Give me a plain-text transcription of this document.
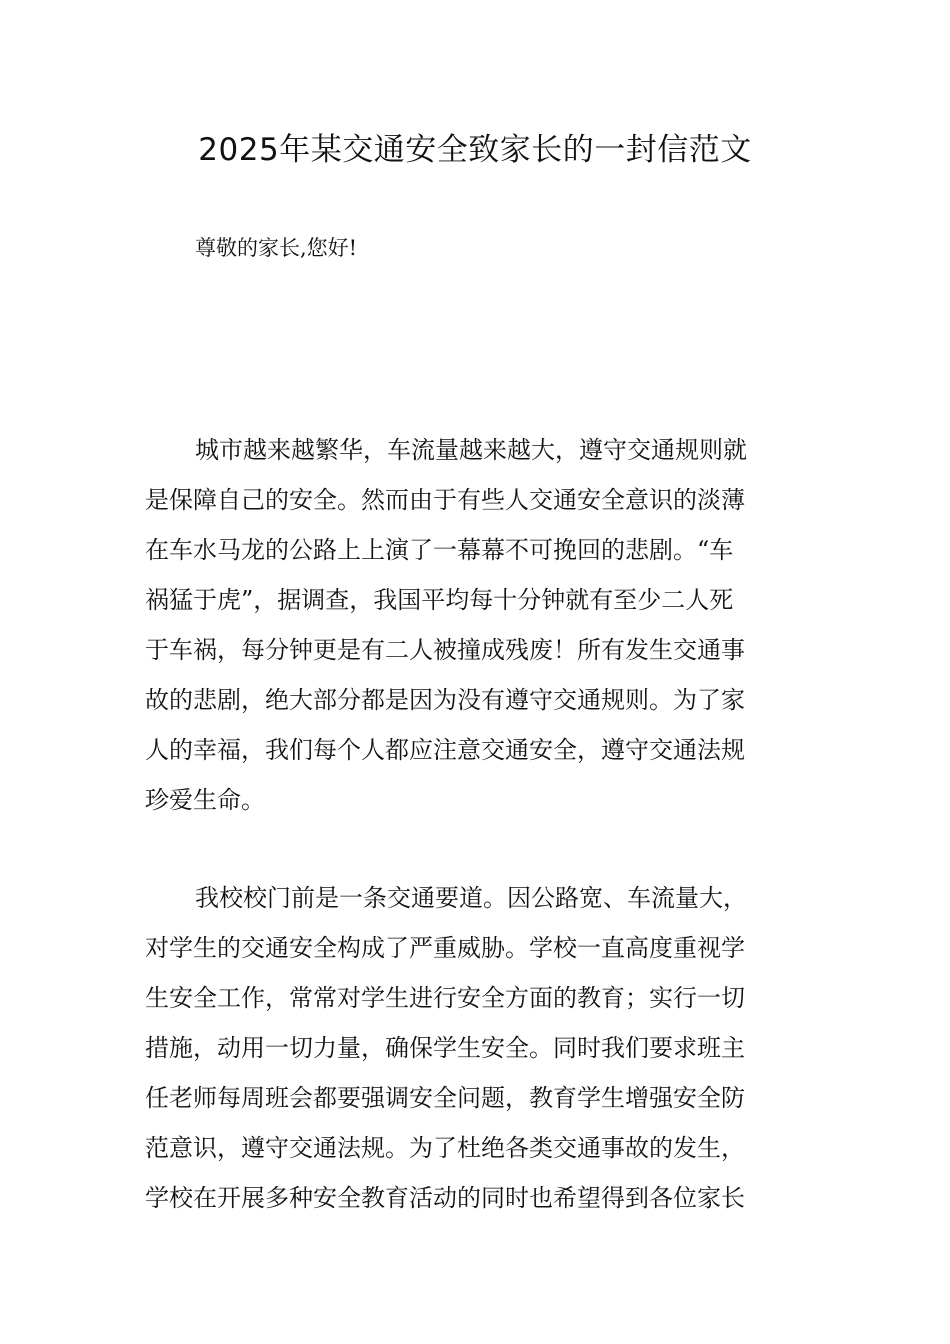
2025年某交通安全致家长的一封信范文
尊敬的家长,您好!
城市越来越繁华，车流量越来越大，遵守交通规则就
是保障自己的安全。然而由于有些人交通安全意识的淡薄
在车水马龙的公路上上演了一幕幕不可挽回的悲剧。“车
祸猛于虎”，据调查，我国平均每十分钟就有至少二人死
于车祸，每分钟更是有二人被撞成残废！所有发生交通事
故的悲剧，绝大部分都是因为没有遵守交通规则。为了家
人的幸福，我们每个人都应注意交通安全，遵守交通法规
珍爱生命。
我校校门前是一条交通要道。因公路宽、车流量大，
对学生的交通安全构成了严重威胁。学校一直高度重视学
生安全工作，常常对学生进行安全方面的教育；实行一切
措施，动用一切力量，确保学生安全。同时我们要求班主
任老师每周班会都要强调安全问题，教育学生增强安全防
范意识，遵守交通法规。为了杜绝各类交通事故的发生，
学校在开展多种安全教育活动的同时也希望得到各位家长
